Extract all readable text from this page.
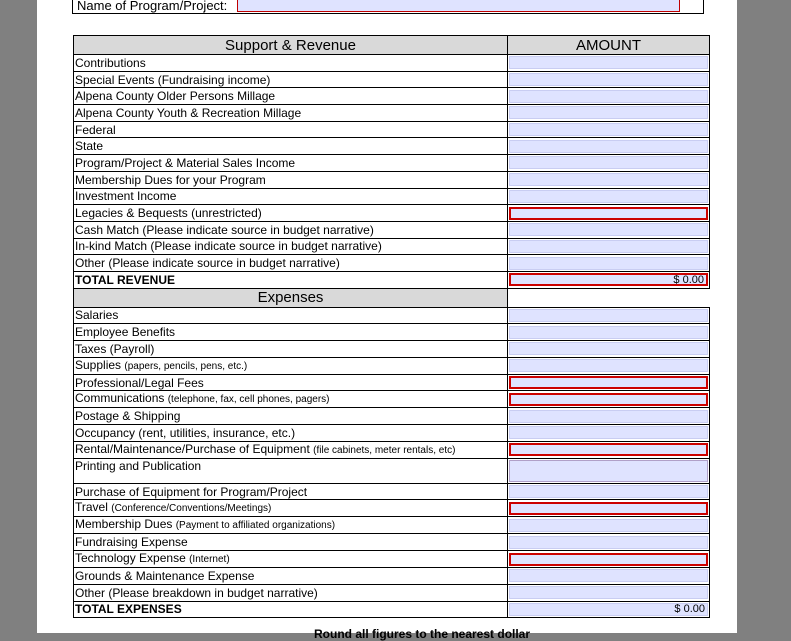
Name of Program/Project:
Support & Revenue	AMOUNT
Contributions	

Special Events (Fundraising income)	

Alpena County Older Persons Millage	

Alpena County Youth & Recreation Millage	

Federal	

State	

Program/Project & Material Sales Income	

Membership Dues for your Program	

Investment Income	

Legacies & Bequests (unrestricted)	

Cash Match (Please indicate source in budget narrative)	

In-kind Match (Please indicate source in budget narrative)	

Other (Please indicate source in budget narrative)	

TOTAL REVENUE	$ 0.00

Expenses	
Salaries	

Employee Benefits	

Taxes (Payroll)	

Supplies (papers, pencils, pens, etc.)	

Professional/Legal Fees	

Communications (telephone, fax, cell phones, pagers)	

Postage & Shipping	

Occupancy (rent, utilities, insurance, etc.)	

Rental/Maintenance/Purchase of Equipment (file cabinets, meter rentals, etc)	

Printing and Publication	

Purchase of Equipment for Program/Project	

Travel (Conference/Conventions/Meetings)	

Membership Dues (Payment to affiliated organizations)	

Fundraising Expense	

Technology Expense (Internet)	

Grounds & Maintenance Expense	

Other (Please breakdown in budget narrative)	

TOTAL EXPENSES	$ 0.00
Round all figures to the nearest dollar
